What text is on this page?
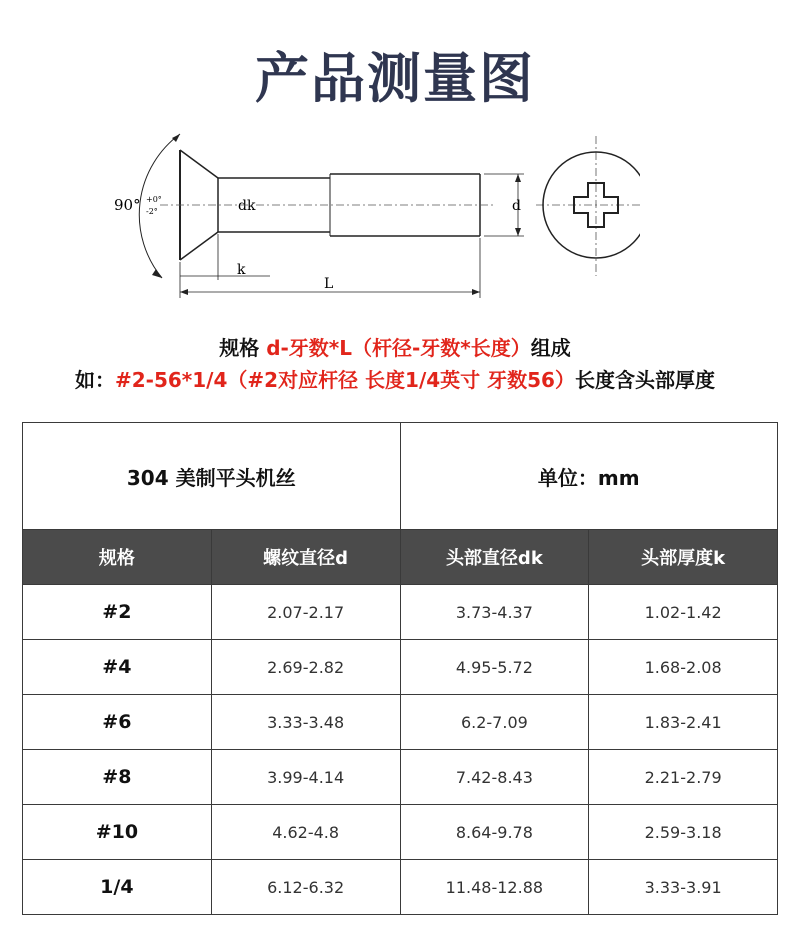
产品测量图
90° +0°
-2°	dk	d
k
L
规格 d-牙数*L（杆径-牙数*长度）组成
如：#2-56*1/4（#2对应杆径 长度1/4英寸 牙数56）长度含头部厚度
304 美制平头机丝		单位：mm	
规格	螺纹直径d	头部直径dk	头部厚度k
#2	2.07-2.17	3.73-4.37	1.02-1.42
#4	2.69-2.82	4.95-5.72	1.68-2.08
#6	3.33-3.48	6.2-7.09	1.83-2.41
#8	3.99-4.14	7.42-8.43	2.21-2.79
#10	4.62-4.8	8.64-9.78	2.59-3.18
1/4	6.12-6.32	11.48-12.88	3.33-3.91
